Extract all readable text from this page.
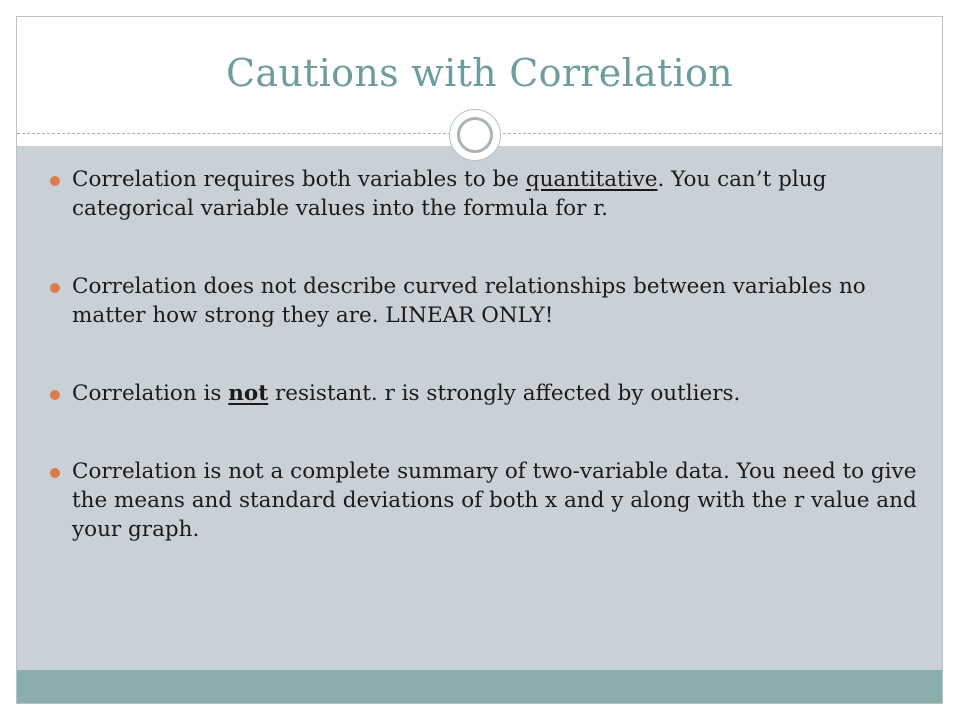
Cautions with Correlation
Correlation requires both variables to be quantitative. You can’t plug categorical variable values into the formula for r.
Correlation does not describe curved relationships between variables no matter how strong they are. LINEAR ONLY!
Correlation is not resistant. r is strongly affected by outliers.
Correlation is not a complete summary of two-variable data. You need to give the means and standard deviations of both x and y along with the r value and your graph.
